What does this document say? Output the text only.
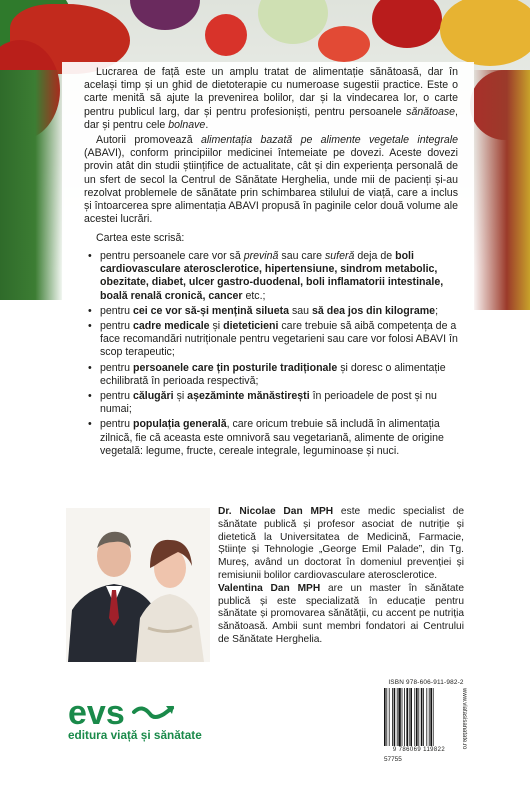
Lucrarea de față este un amplu tratat de alimentație sănătoasă, dar în același timp și un ghid de dietoterapie cu numeroase sugestii practice. Este o carte menită să ajute la prevenirea bolilor, dar și la vindecarea lor, o carte pentru publicul larg, dar și pentru profesioniști, pentru persoanele sănătoase, dar și pentru cele bolnave.

Autorii promovează alimentația bazată pe alimente vegetale integrale (ABAVI), conform principiilor medicinei întemeiate pe dovezi. Aceste dovezi provin atât din studii științifice de actualitate, cât și din experiența personală de un sfert de secol la Centrul de Sănătate Herghelia, unde mii de pacienți și-au rezolvat problemele de sănătate prin schimbarea stilului de viață, care a inclus și întoarcerea spre alimentația ABAVI propusă în paginile celor două volume ale acestei lucrări.

Cartea este scrisă:

• pentru persoanele care vor să previnã sau care suferă deja de boli cardiovasculare aterosclerotice, hipertensiune, sindrom metabolic, obezitate, diabet, ulcer gastro-duodenal, boli inflamatorii intestinale, boală renală cronică, cancer etc.;
• pentru cei ce vor să-și mențină silueta sau să dea jos din kilograme;
• pentru cadre medicale și dieteticieni care trebuie să aibă competența de a face recomandări nutriționale pentru vegetarieni sau care vor folosi ABAVI în scop terapeutic;
• pentru persoanele care țin posturile tradiționale și doresc o alimentație echilibrată în perioada respectivă;
• pentru călugări și așezăminte mănăstirești în perioadele de post și nu numai;
• pentru populația generală, care oricum trebuie să includă în alimentația zilnică, fie că aceasta este omnivoră sau vegetariană, alimente de origine vegetală: legume, fructe, cereale integrale, leguminoase și nuci.
Dr. Nicolae Dan MPH este medic specialist de sănătate publică și profesor asociat de nutriție și dietetică la Universitatea de Medicină, Farmacie, Științe și Tehnologie „George Emil Palade”, din Tg. Mureș, având un doctorat în domeniul prevenției și remisiunii bolilor cardiovasculare aterosclerotice.
Valentina Dan MPH are un master în sănătate publică și este specializată în educație pentru sănătate și promovarea sănătății, cu accent pe nutriția sănătoasă. Ambii sunt membri fondatori ai Centrului de Sănătate Herghelia.
evs
editura viață și sănătate
ISBN 978-606-911-982-2
9 786069 119822
57755
www.viatasisanatate.ro
